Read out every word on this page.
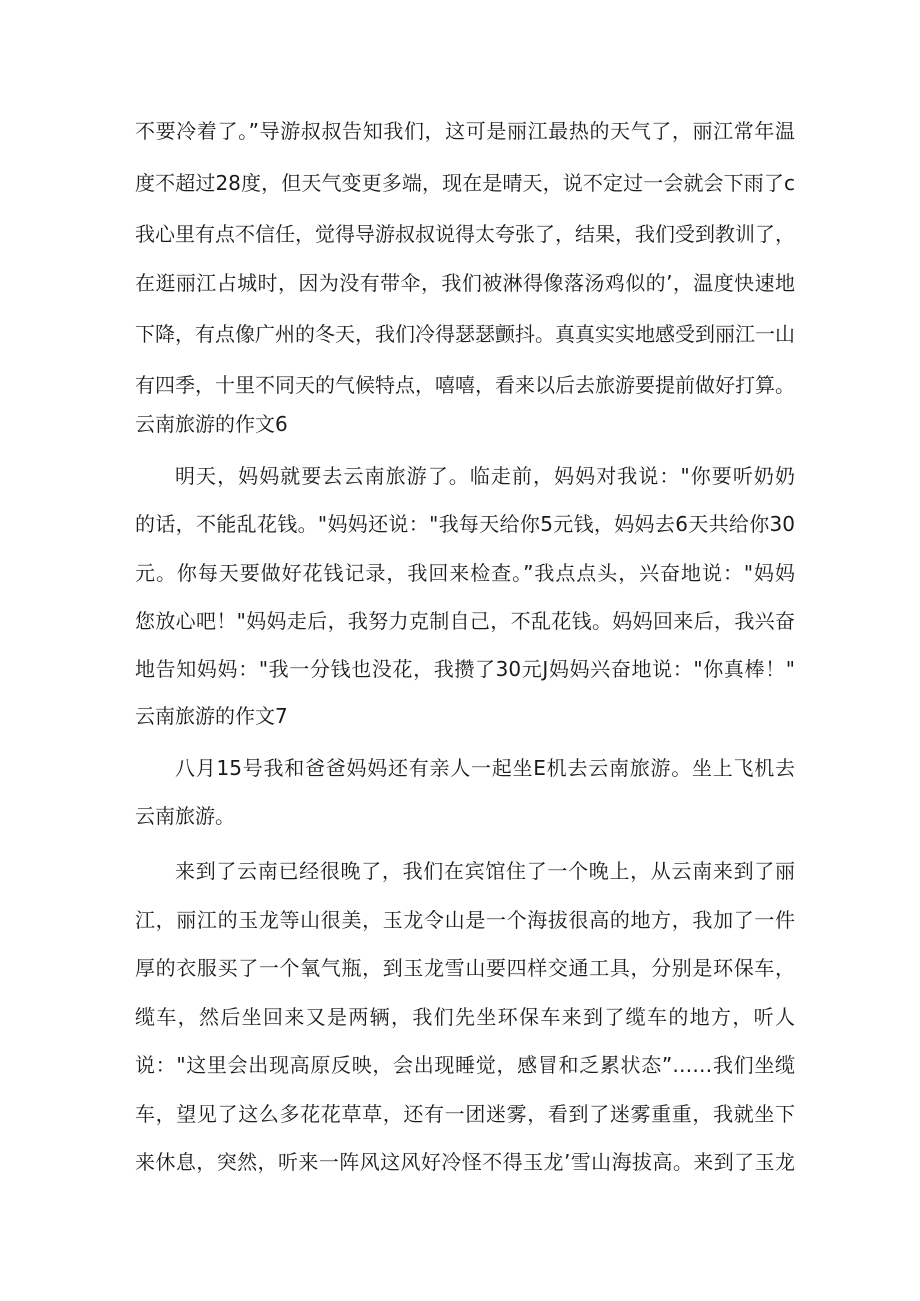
不要冷着了。”导游叔叔告知我们，这可是丽江最热的天气了，丽江常年温
度不超过28度，但天气变更多端，现在是晴天，说不定过一会就会下雨了c
我心里有点不信任，觉得导游叔叔说得太夸张了，结果，我们受到教训了，
在逛丽江占城时，因为没有带伞，我们被淋得像落汤鸡似的’，温度快速地
下降，有点像广州的冬天，我们冷得瑟瑟颤抖。真真实实地感受到丽江一山
有四季，十里不同天的气候特点，嘻嘻，看来以后去旅游要提前做好打算。
云南旅游的作文6
明天，妈妈就要去云南旅游了。临走前，妈妈对我说："你要听奶奶
的话，不能乱花钱。"妈妈还说："我每天给你5元钱，妈妈去6天共给你30
元。你每天要做好花钱记录，我回来检查。”我点点头，兴奋地说："妈妈
您放心吧！"妈妈走后，我努力克制自己，不乱花钱。妈妈回来后，我兴奋
地告知妈妈："我一分钱也没花，我攒了30元J妈妈兴奋地说："你真棒！"
云南旅游的作文7
八月15号我和爸爸妈妈还有亲人一起坐E机去云南旅游。坐上飞机去
云南旅游。
来到了云南已经很晚了，我们在宾馆住了一个晚上，从云南来到了丽
江，丽江的玉龙等山很美，玉龙令山是一个海拔很高的地方，我加了一件
厚的衣服买了一个氧气瓶，到玉龙雪山要四样交通工具，分别是环保车，
缆车，然后坐回来又是两辆，我们先坐环保车来到了缆车的地方，听人
说："这里会出现高原反映，会出现睡觉，感冒和乏累状态”……我们坐缆
车，望见了这么多花花草草，还有一团迷雾，看到了迷雾重重，我就坐下
来休息，突然，听来一阵风这风好冷怪不得玉龙’雪山海拔高。来到了玉龙
